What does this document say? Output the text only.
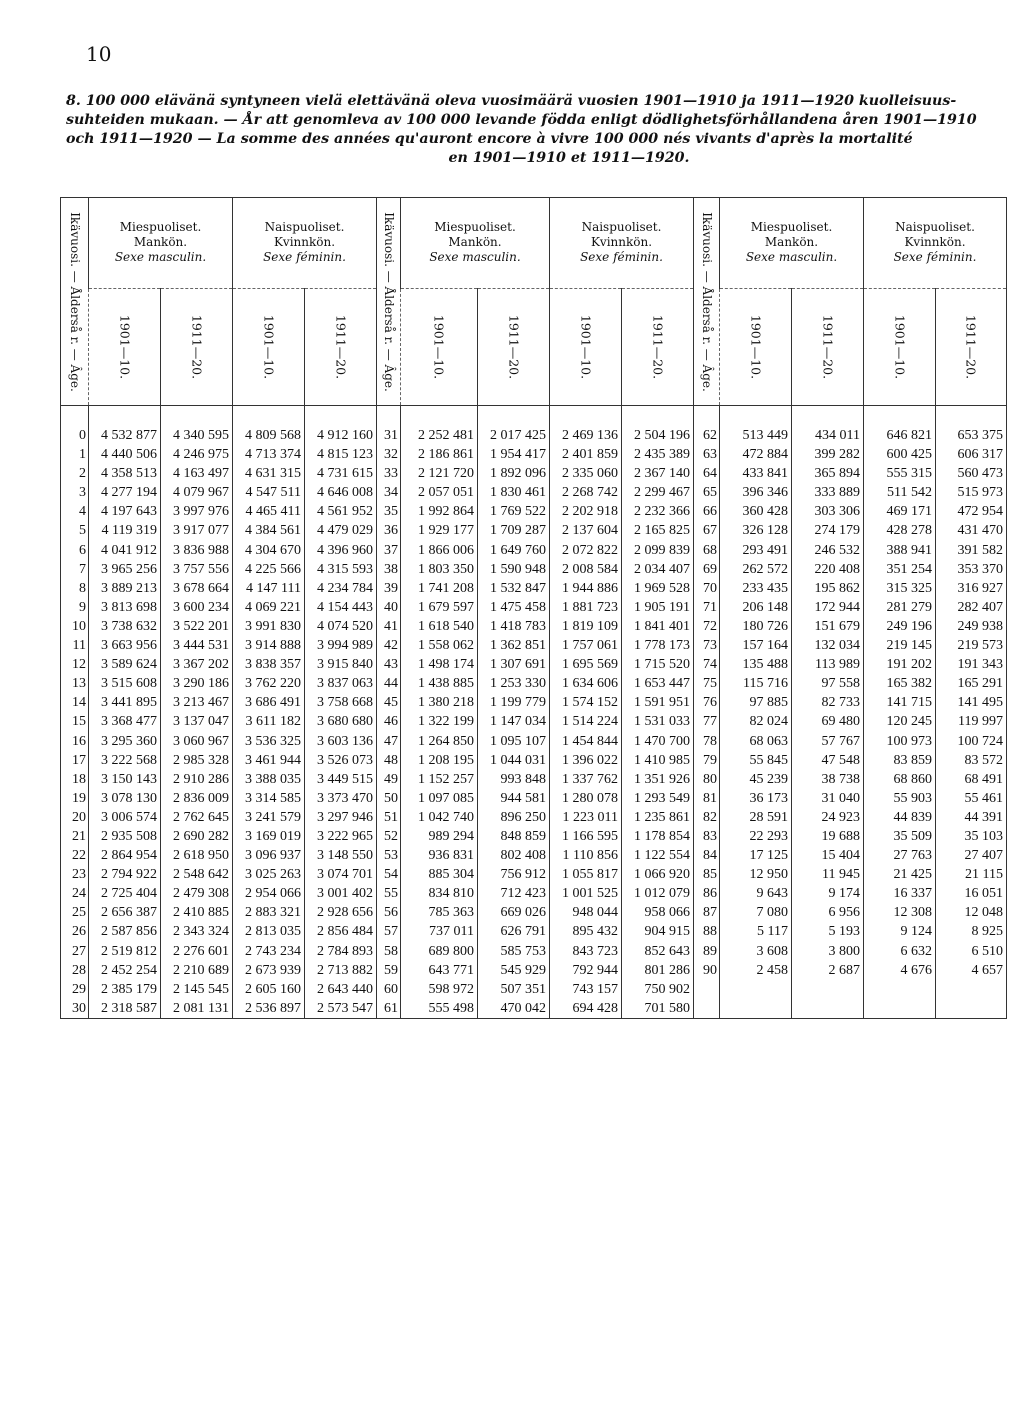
10
8. 100 000 elävänä syntyneen vielä elettävänä oleva vuosimäärä vuosien 1901—1910 ja 1911—1920 kuolleisuus-
suhteiden mukaan. — År att genomleva av 100 000 levande födda enligt dödlighetsförhållandena åren 1901—1910
och 1911—1920 — La somme des années qu'auront encore à vivre 100 000 nés vivants d'après la mortalité
en 1901—1910 et 1911—1920.
Ikävuosi. — Ålderså r. — Âge.	Miespuoliset.
Mankön.
Sexe masculin.		Naispuoliset.
Kvinnkön.
Sexe féminin.		Ikävuosi. — Ålderså r. — Âge.	Miespuoliset.
Mankön.
Sexe masculin.		Naispuoliset.
Kvinnkön.
Sexe féminin.		Ikävuosi. — Ålderså r. — Âge.	Miespuoliset.
Mankön.
Sexe masculin.		Naispuoliset.
Kvinnkön.
Sexe féminin.	

	1901—10.	1911—20.	1901—10.	1911—20.		1901—10.	1911—20.	1901—10.	1911—20.		1901—10.	1911—20.	1901—10.	1911—20.

0	4 532 877	4 340 595	4 809 568	4 912 160	31	2 252 481	2 017 425	2 469 136	2 504 196	62	513 449	434 011	646 821	653 375
1	4 440 506	4 246 975	4 713 374	4 815 123	32	2 186 861	1 954 417	2 401 859	2 435 389	63	472 884	399 282	600 425	606 317
2	4 358 513	4 163 497	4 631 315	4 731 615	33	2 121 720	1 892 096	2 335 060	2 367 140	64	433 841	365 894	555 315	560 473
3	4 277 194	4 079 967	4 547 511	4 646 008	34	2 057 051	1 830 461	2 268 742	2 299 467	65	396 346	333 889	511 542	515 973
4	4 197 643	3 997 976	4 465 411	4 561 952	35	1 992 864	1 769 522	2 202 918	2 232 366	66	360 428	303 306	469 171	472 954
5	4 119 319	3 917 077	4 384 561	4 479 029	36	1 929 177	1 709 287	2 137 604	2 165 825	67	326 128	274 179	428 278	431 470
6	4 041 912	3 836 988	4 304 670	4 396 960	37	1 866 006	1 649 760	2 072 822	2 099 839	68	293 491	246 532	388 941	391 582
7	3 965 256	3 757 556	4 225 566	4 315 593	38	1 803 350	1 590 948	2 008 584	2 034 407	69	262 572	220 408	351 254	353 370
8	3 889 213	3 678 664	4 147 111	4 234 784	39	1 741 208	1 532 847	1 944 886	1 969 528	70	233 435	195 862	315 325	316 927
9	3 813 698	3 600 234	4 069 221	4 154 443	40	1 679 597	1 475 458	1 881 723	1 905 191	71	206 148	172 944	281 279	282 407
10	3 738 632	3 522 201	3 991 830	4 074 520	41	1 618 540	1 418 783	1 819 109	1 841 401	72	180 726	151 679	249 196	249 938
11	3 663 956	3 444 531	3 914 888	3 994 989	42	1 558 062	1 362 851	1 757 061	1 778 173	73	157 164	132 034	219 145	219 573
12	3 589 624	3 367 202	3 838 357	3 915 840	43	1 498 174	1 307 691	1 695 569	1 715 520	74	135 488	113 989	191 202	191 343
13	3 515 608	3 290 186	3 762 220	3 837 063	44	1 438 885	1 253 330	1 634 606	1 653 447	75	115 716	97 558	165 382	165 291
14	3 441 895	3 213 467	3 686 491	3 758 668	45	1 380 218	1 199 779	1 574 152	1 591 951	76	97 885	82 733	141 715	141 495
15	3 368 477	3 137 047	3 611 182	3 680 680	46	1 322 199	1 147 034	1 514 224	1 531 033	77	82 024	69 480	120 245	119 997
16	3 295 360	3 060 967	3 536 325	3 603 136	47	1 264 850	1 095 107	1 454 844	1 470 700	78	68 063	57 767	100 973	100 724
17	3 222 568	2 985 328	3 461 944	3 526 073	48	1 208 195	1 044 031	1 396 022	1 410 985	79	55 845	47 548	83 859	83 572
18	3 150 143	2 910 286	3 388 035	3 449 515	49	1 152 257	993 848	1 337 762	1 351 926	80	45 239	38 738	68 860	68 491
19	3 078 130	2 836 009	3 314 585	3 373 470	50	1 097 085	944 581	1 280 078	1 293 549	81	36 173	31 040	55 903	55 461
20	3 006 574	2 762 645	3 241 579	3 297 946	51	1 042 740	896 250	1 223 011	1 235 861	82	28 591	24 923	44 839	44 391
21	2 935 508	2 690 282	3 169 019	3 222 965	52	989 294	848 859	1 166 595	1 178 854	83	22 293	19 688	35 509	35 103
22	2 864 954	2 618 950	3 096 937	3 148 550	53	936 831	802 408	1 110 856	1 122 554	84	17 125	15 404	27 763	27 407
23	2 794 922	2 548 642	3 025 263	3 074 701	54	885 304	756 912	1 055 817	1 066 920	85	12 950	11 945	21 425	21 115
24	2 725 404	2 479 308	2 954 066	3 001 402	55	834 810	712 423	1 001 525	1 012 079	86	9 643	9 174	16 337	16 051
25	2 656 387	2 410 885	2 883 321	2 928 656	56	785 363	669 026	948 044	958 066	87	7 080	6 956	12 308	12 048
26	2 587 856	2 343 324	2 813 035	2 856 484	57	737 011	626 791	895 432	904 915	88	5 117	5 193	9 124	8 925
27	2 519 812	2 276 601	2 743 234	2 784 893	58	689 800	585 753	843 723	852 643	89	3 608	3 800	6 632	6 510
28	2 452 254	2 210 689	2 673 939	2 713 882	59	643 771	545 929	792 944	801 286	90	2 458	2 687	4 676	4 657
29	2 385 179	2 145 545	2 605 160	2 643 440	60	598 972	507 351	743 157	750 902					
30	2 318 587	2 081 131	2 536 897	2 573 547	61	555 498	470 042	694 428	701 580					
